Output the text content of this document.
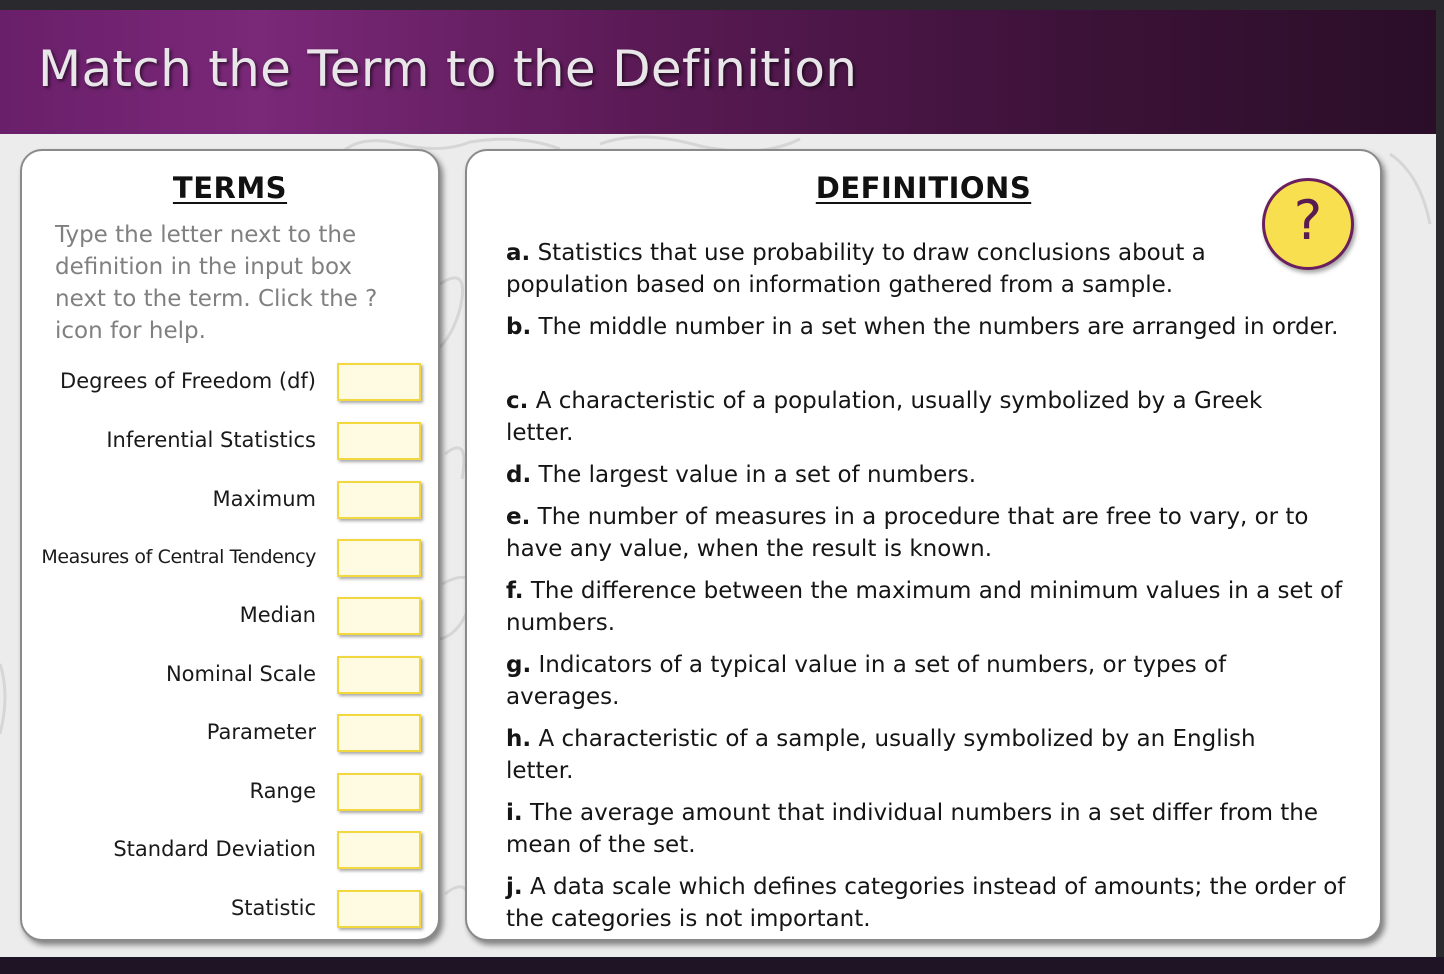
Match the Term to the Definition
TERMS

Type the letter next to the definition in the input box next to the term. Click the ? icon for help.

Degrees of Freedom (df)
Inferential Statistics
Maximum
Measures of Central Tendency
Median
Nominal Scale
Parameter
Range
Standard Deviation
Statistic
DEFINITIONS

a. Statistics that use probability to draw conclusions about a population based on information gathered from a sample.

b. The middle number in a set when the numbers are arranged in order.

c. A characteristic of a population, usually symbolized by a Greek letter.

d. The largest value in a set of numbers.

e. The number of measures in a procedure that are free to vary, or to have any value, when the result is known.

f. The difference between the maximum and minimum values in a set of numbers.

g. Indicators of a typical value in a set of numbers, or types of averages.

h. A characteristic of a sample, usually symbolized by an English letter.

i. The average amount that individual numbers in a set differ from the mean of the set.

j. A data scale which defines categories instead of amounts; the order of the categories is not important.

?
